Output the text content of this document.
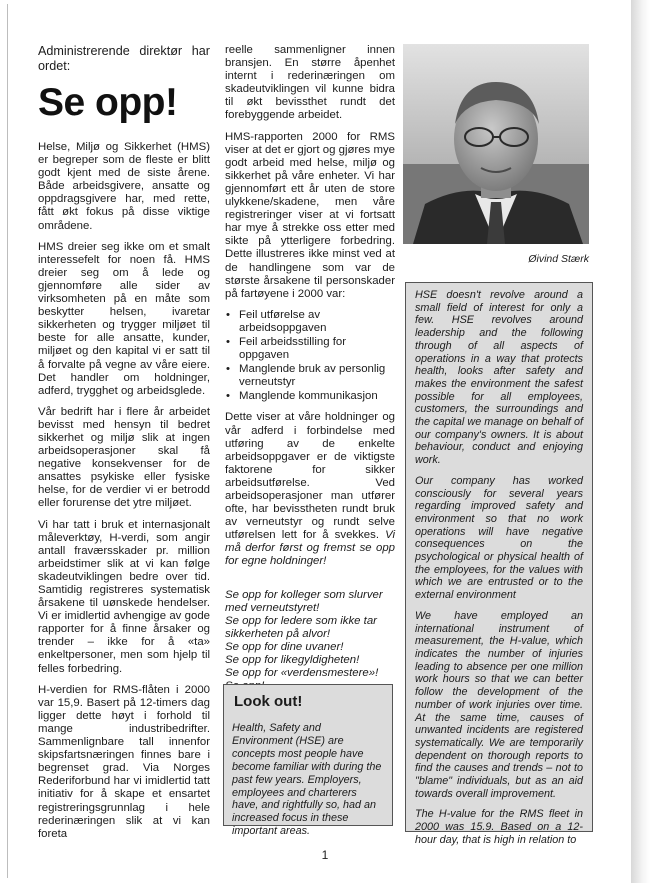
Administrerende direktør har ordet:

Se opp!

Helse, Miljø og Sikkerhet (HMS) er begreper som de fleste er blitt godt kjent med de siste årene. Både arbeidsgivere, ansatte og oppdragsgivere har, med rette, fått økt fokus på disse viktige områdene.

HMS dreier seg ikke om et smalt interessefelt for noen få. HMS dreier seg om å lede og gjennomføre alle sider av virksomheten på en måte som beskytter helsen, ivaretar sikkerheten og trygger miljøet til beste for alle ansatte, kunder, miljøet og den kapital vi er satt til å forvalte på vegne av våre eiere. Det handler om holdninger, adferd, trygghet og arbeidsglede.

Vår bedrift har i flere år arbeidet bevisst med hensyn til bedret sikkerhet og miljø slik at ingen arbeidsoperasjoner skal få negative konsekvenser for de ansattes psykiske eller fysiske helse, for de verdier vi er betrodd eller forurense det ytre miljøet.

Vi har tatt i bruk et internasjonalt måleverktøy, H-verdi, som angir antall fraværsskader pr. million arbeidstimer slik at vi kan følge skadeutviklingen bedre over tid. Samtidig registreres systematisk årsakene til uønskede hendelser. Vi er imidlertid avhengige av gode rapporter for å finne årsaker og trender – ikke for å «ta» enkeltpersoner, men som hjelp til felles forbedring.

H-verdien for RMS-flåten i 2000 var 15,9. Basert på 12-timers dag ligger dette høyt i forhold til mange industribedrifter. Sammenlignbare tall innenfor skipsfartsnæringen finnes bare i begrenset grad. Via Norges Rederiforbund har vi imidlertid tatt initiativ for å skape et ensartet registreringsgrunnlag i hele rederinæringen slik at vi kan foreta

reelle sammenligner innen bransjen. En større åpenhet internt i rederinæringen om skadeutviklingen vil kunne bidra til økt bevissthet rundt det forebyggende arbeidet.

HMS-rapporten 2000 for RMS viser at det er gjort og gjøres mye godt arbeid med helse, miljø og sikkerhet på våre enheter. Vi har gjennomført ett år uten de store ulykkene/skadene, men våre registreringer viser at vi fortsatt har mye å strekke oss etter med sikte på ytterligere forbedring. Dette illustreres ikke minst ved at de handlingene som var de største årsakene til personskader på fartøyene i 2000 var:

• Feil utførelse av arbeidsoppgaven
• Feil arbeidsstilling for oppgaven
• Manglende bruk av personlig verneutstyr
• Manglende kommunikasjon

Dette viser at våre holdninger og vår adferd i forbindelse med utføring av de enkelte arbeidsoppgaver er de viktigste faktorene for sikker arbeidsutførelse. Ved arbeidsoperasjoner man utfører ofte, har bevisstheten rundt bruk av verneutstyr og rundt selve utførelsen lett for å svekkes. Vi må derfor først og fremst se opp for egne holdninger!

Se opp for kolleger som slurver med verneutstyret!

Se opp for ledere som ikke tar sikkerheten på alvor!

Se opp for dine uvaner!

Se opp for likegyldigheten!

Se opp for «verdensmestere»!

Øivind Stærk

HSE doesn't revolve around a small field of interest for only a few. HSE revolves around leadership and the following through of all aspects of operations in a way that protects health, looks after safety and makes the environment the safest possible for all employees, customers, the surroundings and the capital we manage on behalf of our company's owners. It is about behaviour, conduct and enjoying work.

Our company has worked consciously for several years regarding improved safety and environment so that no work operations will have negative consequences on the psychological or physical health of the employees, for the values with which we are entrusted or to the external environment

We have employed an international instrument of measurement, the H-value, which indicates the number of injuries leading to absence per one million work hours so that we can better follow the development of the number of work injuries over time. At the same time, causes of unwanted incidents are registered systematically. We are temporarily dependent on thorough reports to find the causes and trends – not to "blame" individuals, but as an aid towards overall improvement.

The H-value for the RMS fleet in 2000 was 15.9. Based on a 12-hour day, that is high in relation to

Look out!

Health, Safety and Environment (HSE) are concepts most people have become familiar with during the past few years. Employers, employees and charterers have, and rightfully so, had an increased focus in these important areas.

1
